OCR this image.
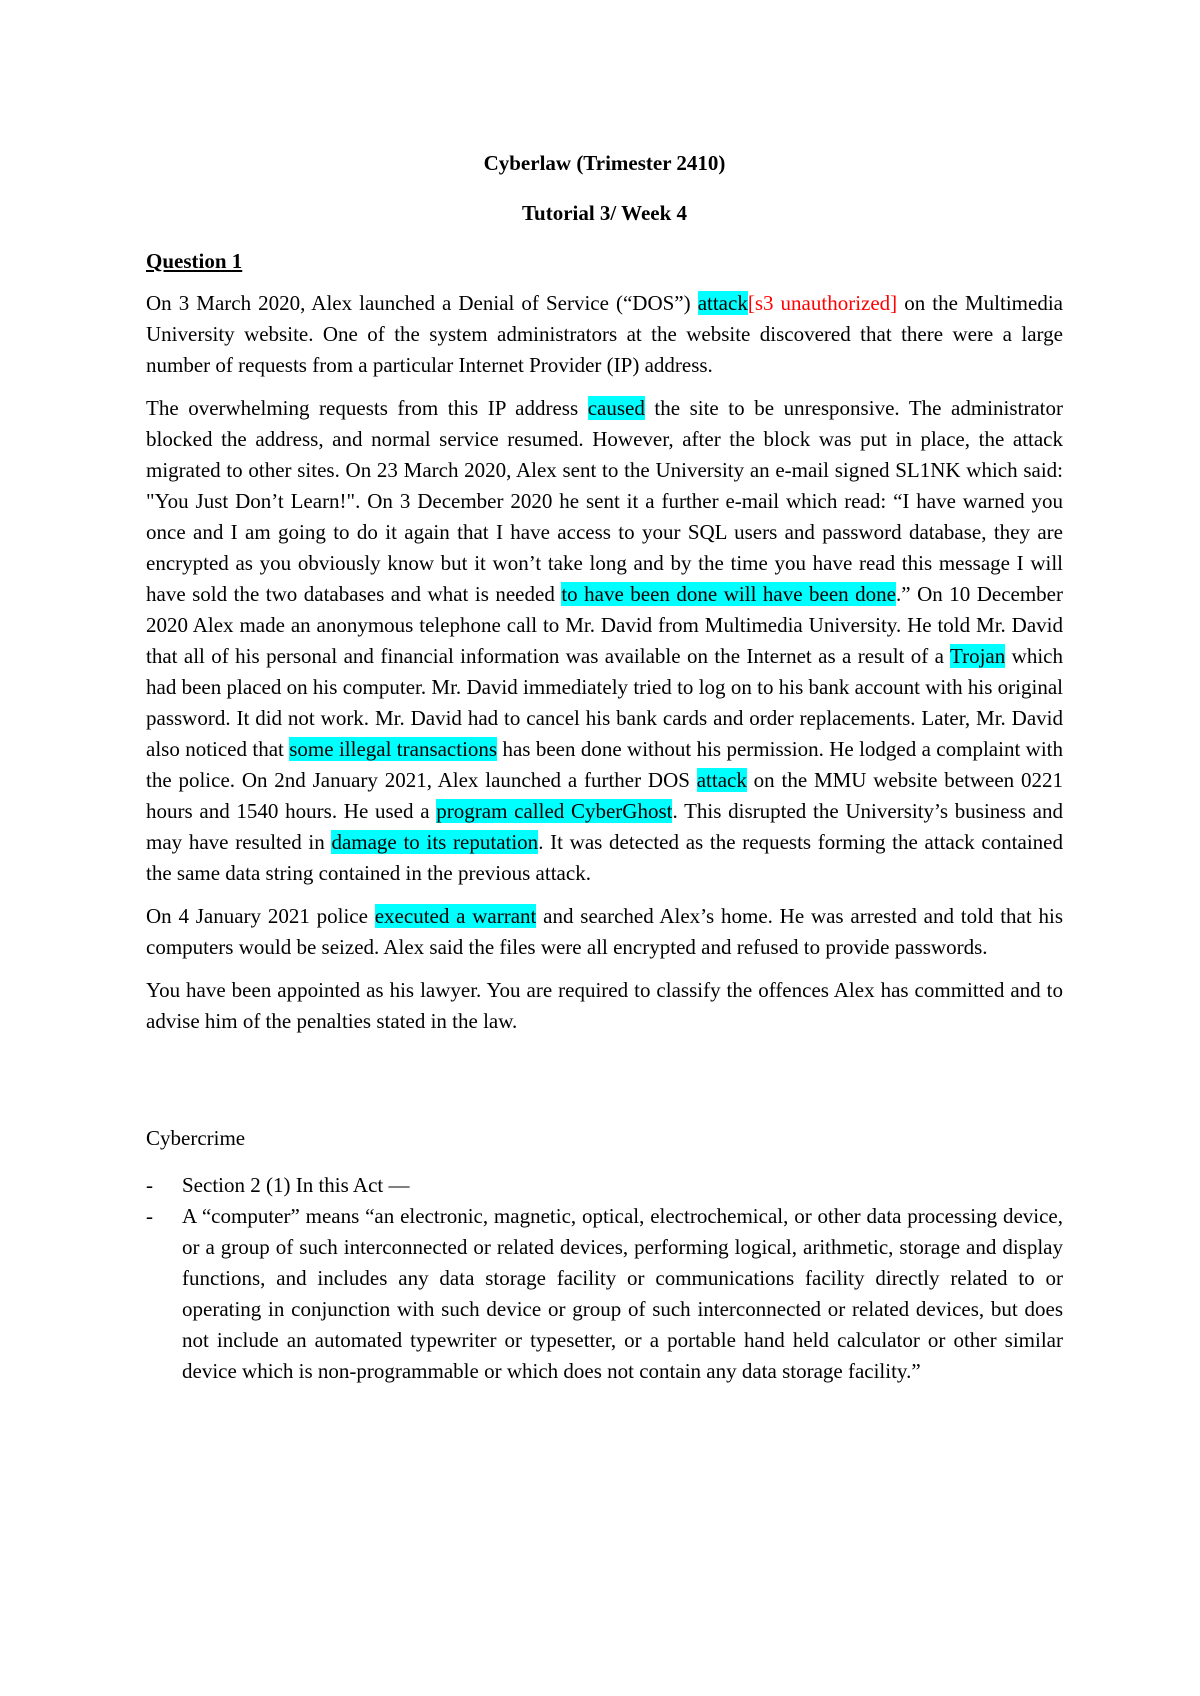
Cyberlaw (Trimester 2410)
Tutorial 3/ Week 4
Question 1

On 3 March 2020, Alex launched a Denial of Service (“DOS”) attack[s3 unauthorized] on the Multimedia University website. One of the system administrators at the website discovered that there were a large number of requests from a particular Internet Provider (IP) address.

The overwhelming requests from this IP address caused the site to be unresponsive. The administrator blocked the address, and normal service resumed. However, after the block was put in place, the attack migrated to other sites. On 23 March 2020, Alex sent to the University an e-mail signed SL1NK which said: "You Just Don’t Learn!". On 3 December 2020 he sent it a further e-mail which read: “I have warned you once and I am going to do it again that I have access to your SQL users and password database, they are encrypted as you obviously know but it won’t take long and by the time you have read this message I will have sold the two databases and what is needed to have been done will have been done.” On 10 December 2020 Alex made an anonymous telephone call to Mr. David from Multimedia University. He told Mr. David that all of his personal and financial information was available on the Internet as a result of a Trojan which had been placed on his computer. Mr. David immediately tried to log on to his bank account with his original password. It did not work. Mr. David had to cancel his bank cards and order replacements. Later, Mr. David also noticed that some illegal transactions has been done without his permission. He lodged a complaint with the police. On 2nd January 2021, Alex launched a further DOS attack on the MMU website between 0221 hours and 1540 hours. He used a program called CyberGhost. This disrupted the University’s business and may have resulted in damage to its reputation. It was detected as the requests forming the attack contained the same data string contained in the previous attack.

On 4 January 2021 police executed a warrant and searched Alex’s home. He was arrested and told that his computers would be seized. Alex said the files were all encrypted and refused to provide passwords.

You have been appointed as his lawyer. You are required to classify the offences Alex has committed and to advise him of the penalties stated in the law.

Cybercrime
- Section 2 (1) In this Act —
- A “computer” means “an electronic, magnetic, optical, electrochemical, or other data processing device, or a group of such interconnected or related devices, performing logical, arithmetic, storage and display functions, and includes any data storage facility or communications facility directly related to or operating in conjunction with such device or group of such interconnected or related devices, but does not include an automated typewriter or typesetter, or a portable hand held calculator or other similar device which is non-programmable or which does not contain any data storage facility.”
